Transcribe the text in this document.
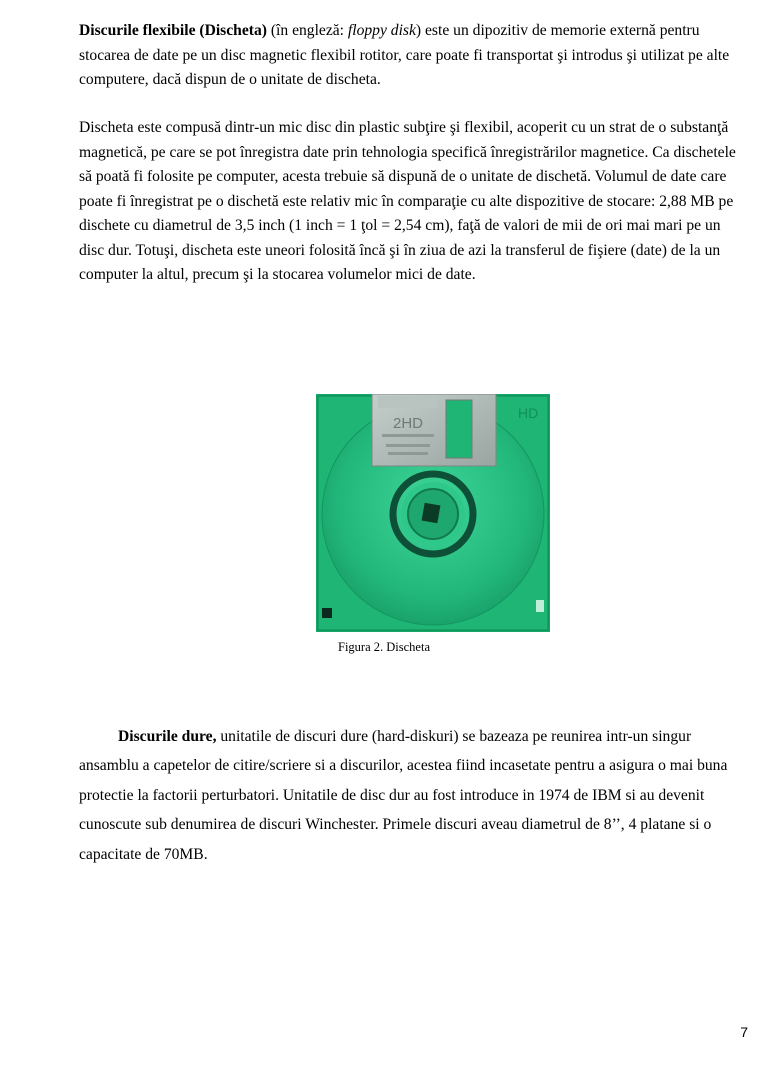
Discurile flexibile (Discheta) (în engleză: floppy disk) este un dipozitiv de memorie externă pentru stocarea de date pe un disc magnetic flexibil rotitor, care poate fi transportat şi introdus şi utilizat pe alte computere, dacă dispun de o unitate de discheta.

Discheta este compusă dintr-un mic disc din plastic subţire şi flexibil, acoperit cu un strat de o substanţă magnetică, pe care se pot înregistra date prin tehnologia specifică înregistrărilor magnetice. Ca dischetele să poată fi folosite pe computer, acesta trebuie să dispună de o unitate de dischetă. Volumul de date care poate fi înregistrat pe o dischetă este relativ mic în comparaţie cu alte dispozitive de stocare: 2,88 MB pe dischete cu diametrul de 3,5 inch (1 inch = 1 ţol = 2,54 cm), faţă de valori de mii de ori mai mari pe un disc dur. Totuşi, discheta este uneori folosită încă şi în ziua de azi la transferul de fişiere (date) de la un computer la altul, precum şi la stocarea volumelor mici de date.

2HD
HD
Figura 2. Discheta

Discurile dure, unitatile de discuri dure (hard-diskuri) se bazeaza pe reunirea intr-un singur ansamblu a capetelor de citire/scriere si a discurilor, acestea fiind incasetate pentru a asigura o mai buna protectie la factorii perturbatori. Unitatile de disc dur au fost introduce in 1974 de IBM si au devenit cunoscute sub denumirea de discuri Winchester. Primele discuri aveau diametrul de 8’’, 4 platane si o capacitate de 70MB.

7
